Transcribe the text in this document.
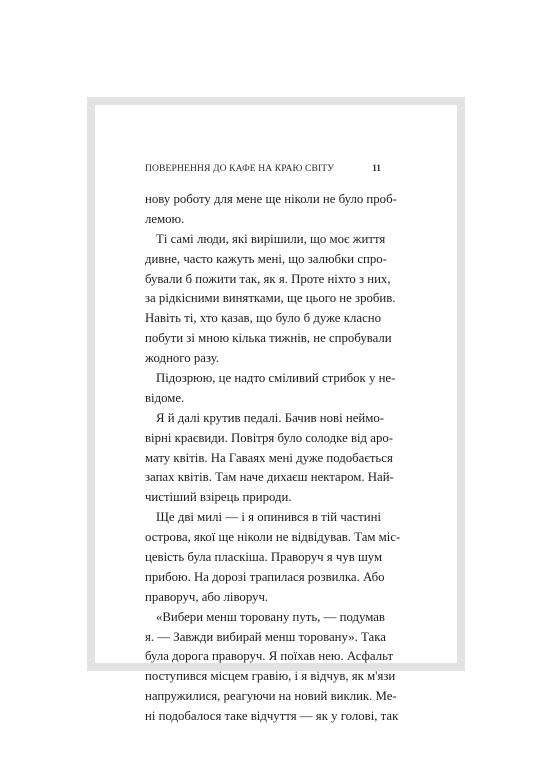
ПОВЕРНЕННЯ ДО КАФЕ НА КРАЮ СВІТУ	11
нову роботу для мене ще ніколи не було проб-
лемою.
Ті самі люди, які вирішили, що моє життя
дивне, часто кажуть мені, що залюбки спро-
бували б пожити так, як я. Проте ніхто з них,
за рідкісними винятками, ще цього не зробив.
Навіть ті, хто казав, що було б дуже класно
побути зі мною кілька тижнів, не спробували
жодного разу.
Підозрюю, це надто сміливий стрибок у не-
відоме.
Я й далі крутив педалі. Бачив нові неймо-
вірні краєвиди. Повітря було солодке від аро-
мату квітів. На Гаваях мені дуже подобається
запах квітів. Там наче дихаєш нектаром. Най-
чистіший взірець природи.
Ще дві милі — і я опинився в тій частині
острова, якої ще ніколи не відвідував. Там міс-
цевість була пласкіша. Праворуч я чув шум
прибою. На дорозі трапилася розвилка. Або
праворуч, або ліворуч.
«Вибери менш торовану путь, — подумав
я. — Завжди вибирай менш торовану». Така
була дорога праворуч. Я поїхав нею. Асфальт
поступився місцем гравію, і я відчув, як м'язи
напружилися, реагуючи на новий виклик. Ме-
ні подобалося таке відчуття — як у голові, так
